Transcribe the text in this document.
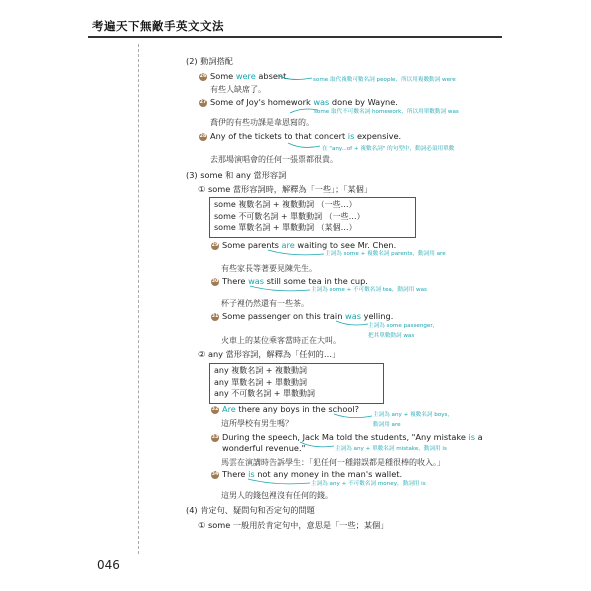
考遍天下無敵手英文文法
(2) 動詞搭配
26 Some were absent.
有些人缺席了。
some 取代複數可數名詞 people，所以用複數動詞 were
27 Some of Joy's homework was done by Wayne.
some 取代不可數名詞 homework，所以用單數動詞 was
喬伊的有些功課是韋恩寫的。
28 Any of the tickets to that concert is expensive.
在 "any...of + 複數名詞" 的句型中，動詞必須用單數
去那場演唱會的任何一張票都很貴。
(3) some 和 any 當形容詞
① some 當形容詞時，解釋為「一些」；「某個」
some 複數名詞 + 複數動詞 （一些…）
some 不可數名詞 + 單數動詞 （一些…）
some 單數名詞 + 單數動詞 （某個…）
29 Some parents are waiting to see Mr. Chen.
主詞為 some + 複數名詞 parents，動詞用 are
有些家長等著要見陳先生。
30 There was still some tea in the cup.
主詞為 some + 不可數名詞 tea，動詞用 was
杯子裡仍然還有一些茶。
31 Some passenger on this train was yelling.
主詞為 some passenger，
把其單數動詞 was
火車上的某位乘客當時正在大叫。
② any 當形容詞，解釋為「任何的…」
any 複數名詞 + 複數動詞
any 單數名詞 + 單數動詞
any 不可數名詞 + 單數動詞
32 Are there any boys in the school?
主詞為 any + 複數名詞 boys，
動詞用 are
這所學校有男生嗎？
33 During the speech, Jack Ma told the students, "Any mistake is a
wonderful revenue."	主詞為 any + 單數名詞 mistake，動詞用 is
馬雲在演講時告訴學生：「犯任何一種錯誤都是種很棒的收入。」
34 There is not any money in the man's wallet.
主詞為 any + 不可數名詞 money，動詞用 is
這男人的錢包裡沒有任何的錢。
(4) 肯定句、疑問句和否定句的問題
① some 一般用於肯定句中，意思是「一些；某個」
046
